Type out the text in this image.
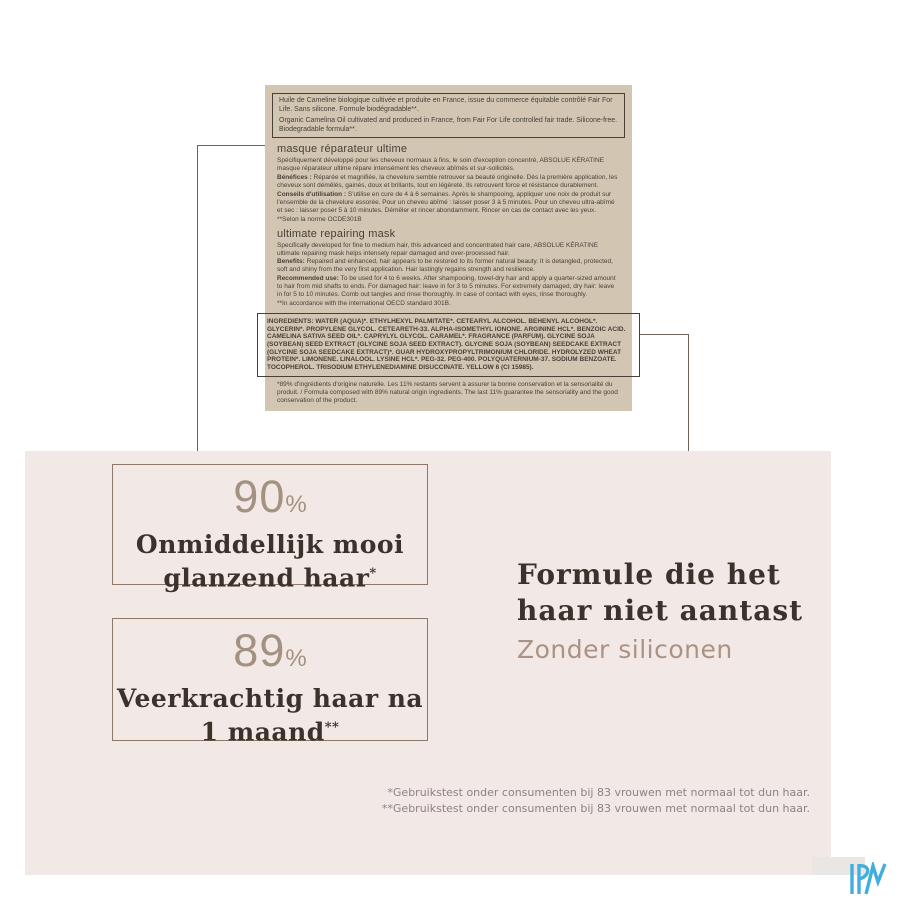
Huile de Cameline biologique cultivée et produite en France, issue du commerce équitable contrôlé Fair For Life. Sans silicone. Formule biodégradable**.

Organic Camelina Oil cultivated and produced in France, from Fair For Life controlled fair trade. Silicone-free. Biodegradable formula**.

masque réparateur ultime

Spécifiquement développé pour les cheveux normaux à fins, le soin d'exception concentré, ABSOLUE KÉRATINE masque réparateur ultime répare intensément les cheveux abîmés et sur-sollicités.

Bénéfices : Réparée et magnifiée, la chevelure semble retrouver sa beauté originelle. Dès la première application, les cheveux sont démêlés, gainés, doux et brillants, tout en légèreté. Ils retrouvent force et résistance durablement.

Conseils d'utilisation : S'utilise en cure de 4 à 6 semaines. Après le shampooing, appliquer une noix de produit sur l'ensemble de la chevelure essorée. Pour un cheveu abîmé : laisser poser 3 à 5 minutes. Pour un cheveu ultra-abîmé et sec : laisser poser 5 à 10 minutes. Démêler et rincer abondamment. Rincer en cas de contact avec les yeux.

**Selon la norme OCDE301B

ultimate repairing mask

Specifically developed for fine to medium hair, this advanced and concentrated hair care, ABSOLUE KÉRATINE ultimate repairing mask helps intensely repair damaged and over-processed hair.

Benefits: Repaired and enhanced, hair appears to be restored to its former natural beauty. It is detangled, protected, soft and shiny from the very first application. Hair lastingly regains strength and resilience.

Recommended use: To be used for 4 to 6 weeks. After shampooing, towel-dry hair and apply a quarter-sized amount to hair from mid shafts to ends. For damaged hair: leave in for 3 to 5 minutes. For extremely damaged, dry hair: leave in for 5 to 10 minutes. Comb out tangles and rinse thoroughly. In case of contact with eyes, rinse thoroughly.

**In accordance with the international OECD standard 301B.

INGREDIENTS: WATER (AQUA)*. ETHYLHEXYL PALMITATE*. CETEARYL ALCOHOL. BEHENYL ALCOHOL*. GLYCERIN*. PROPYLENE GLYCOL. CETEARETH-33. ALPHA-ISOMETHYL IONONE. ARGININE HCL*. BENZOIC ACID. CAMELINA SATIVA SEED OIL*. CAPRYLYL GLYCOL. CARAMEL*. FRAGRANCE (PARFUM). GLYCINE SOJA (SOYBEAN) SEED EXTRACT (GLYCINE SOJA SEED EXTRACT). GLYCINE SOJA (SOYBEAN) SEEDCAKE EXTRACT (GLYCINE SOJA SEEDCAKE EXTRACT)*. GUAR HYDROXYPROPYLTRIMONIUM CHLORIDE. HYDROLYZED WHEAT PROTEIN*. LIMONENE. LINALOOL. LYSINE HCL*. PEG-32. PEG-400. POLYQUATERNIUM-37. SODIUM BENZOATE. TOCOPHEROL. TRISODIUM ETHYLENEDIAMINE DISUCCINATE. YELLOW 6 (CI 15985).

*89% d'ingrédients d'origine naturelle. Les 11% restants servent à assurer la bonne conservation et la sensorialité du produit. / Formula composed with 89% natural origin ingredients. The last 11% guarantee the sensoriality and the good conservation of the product.

90%
Onmiddellijk mooi glanzend haar*
89%
Veerkrachtig haar na 1 maand**

Formule die het haar niet aantast

Zonder siliconen
*Gebruikstest onder consumenten bij 83 vrouwen met normaal tot dun haar.
**Gebruikstest onder consumenten bij 83 vrouwen met normaal tot dun haar.
